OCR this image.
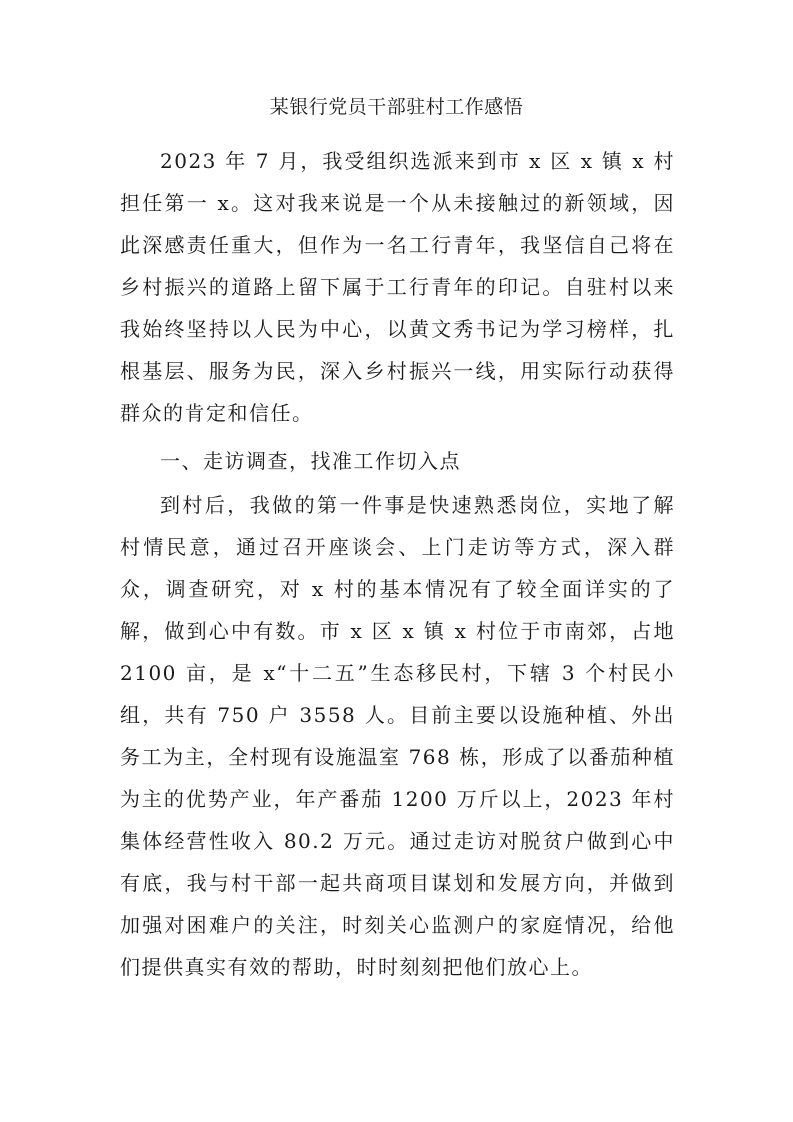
某银行党员干部驻村工作感悟

2023 年 7 月，我受组织选派来到市 x 区 x 镇 x 村担任第一 x。这对我来说是一个从未接触过的新领域，因此深感责任重大，但作为一名工行青年，我坚信自己将在乡村振兴的道路上留下属于工行青年的印记。自驻村以来我始终坚持以人民为中心，以黄文秀书记为学习榜样，扎根基层、服务为民，深入乡村振兴一线，用实际行动获得群众的肯定和信任。

一、走访调查，找准工作切入点

到村后，我做的第一件事是快速熟悉岗位，实地了解村情民意，通过召开座谈会、上门走访等方式，深入群众，调查研究，对 x 村的基本情况有了较全面详实的了解，做到心中有数。市 x 区 x 镇 x 村位于市南郊，占地 2100 亩，是 x“十二五”生态移民村，下辖 3 个村民小组，共有 750 户 3558 人。目前主要以设施种植、外出务工为主，全村现有设施温室 768 栋，形成了以番茄种植为主的优势产业，年产番茄 1200 万斤以上，2023 年村集体经营性收入 80.2 万元。通过走访对脱贫户做到心中有底，我与村干部一起共商项目谋划和发展方向，并做到加强对困难户的关注，时刻关心监测户的家庭情况，给他们提供真实有效的帮助，时时刻刻把他们放心上。
